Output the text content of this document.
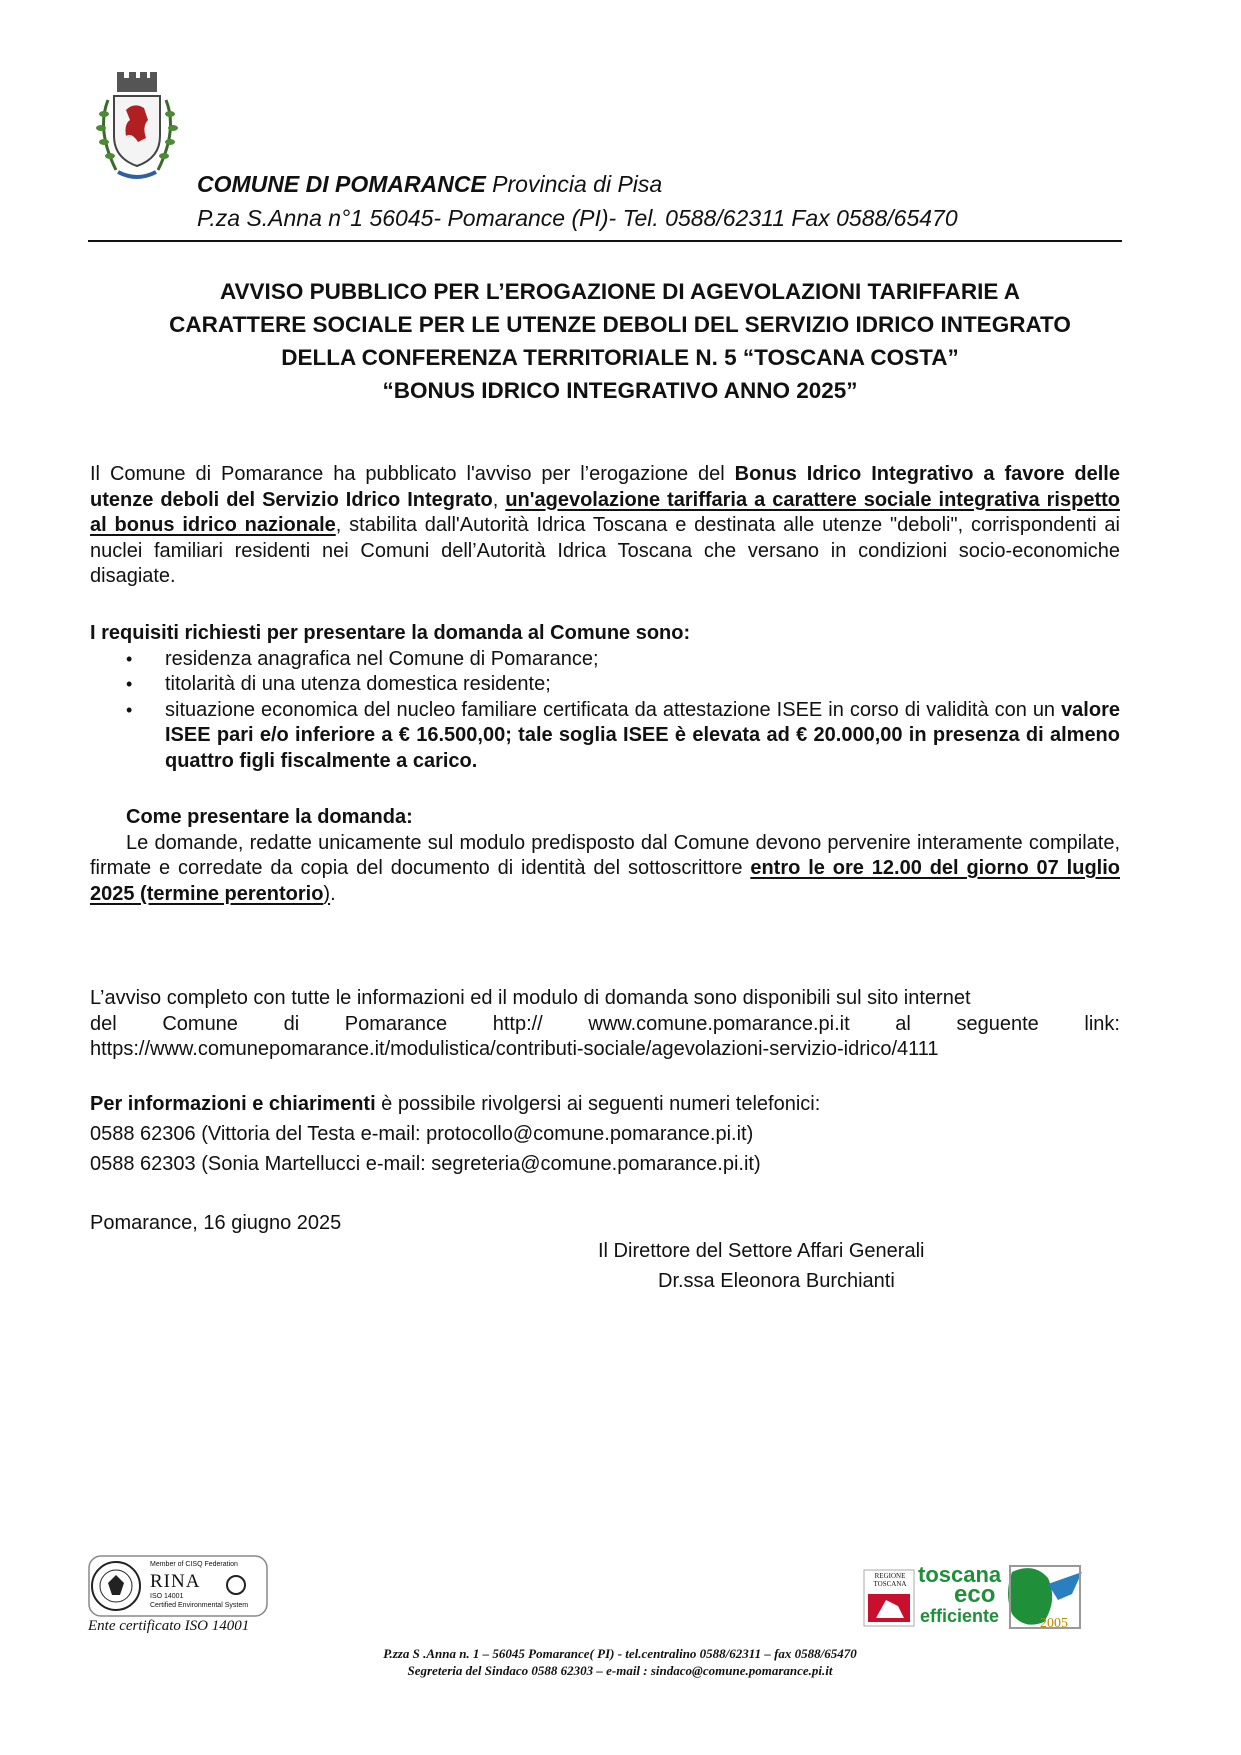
COMUNE DI POMARANCE Provincia di Pisa
P.za S.Anna n°1 56045- Pomarance (PI)- Tel. 0588/62311 Fax 0588/65470
AVVISO PUBBLICO PER L’EROGAZIONE DI AGEVOLAZIONI TARIFFARIE A
CARATTERE SOCIALE PER LE UTENZE DEBOLI DEL SERVIZIO IDRICO INTEGRATO
DELLA CONFERENZA TERRITORIALE N. 5 “TOSCANA COSTA”
“BONUS IDRICO INTEGRATIVO ANNO 2025”
Il Comune di Pomarance ha pubblicato l'avviso per l’erogazione del Bonus Idrico Integrativo a favore delle utenze deboli del Servizio Idrico Integrato, un'agevolazione tariffaria a carattere sociale integrativa rispetto al bonus idrico nazionale, stabilita dall'Autorità Idrica Toscana e destinata alle utenze "deboli", corrispondenti ai nuclei familiari residenti nei Comuni dell’Autorità Idrica Toscana che versano in condizioni socio-economiche disagiate.
I requisiti richiesti per presentare la domanda al Comune sono:
• residenza anagrafica nel Comune di Pomarance;
• titolarità di una utenza domestica residente;
• situazione economica del nucleo familiare certificata da attestazione ISEE in corso di validità con un valore ISEE pari e/o inferiore a € 16.500,00; tale soglia ISEE è elevata ad € 20.000,00 in presenza di almeno quattro figli fiscalmente a carico.
Come presentare la domanda:
Le domande, redatte unicamente sul modulo predisposto dal Comune devono pervenire interamente compilate, firmate e corredate da copia del documento di identità del sottoscrittore entro le ore 12.00 del giorno 07 luglio 2025 (termine perentorio).
L’avviso completo con tutte le informazioni ed il modulo di domanda sono disponibili sul sito internet
del Comune di Pomarance http:// www.comune.pomarance.pi.it al seguente link:
https://www.comunepomarance.it/modulistica/contributi-sociale/agevolazioni-servizio-idrico/4111
Per informazioni e chiarimenti è possibile rivolgersi ai seguenti numeri telefonici:
0588 62306 (Vittoria del Testa e-mail: protocollo@comune.pomarance.pi.it)
0588 62303 (Sonia Martellucci e-mail: segreteria@comune.pomarance.pi.it)
Pomarance, 16 giugno 2025
Il Direttore del Settore Affari Generali
Dr.ssa Eleonora Burchianti
Member of CISQ Federation
RINA
ISO 14001
Certified Environmental System
Ente certificato ISO 14001
REGIONE TOSCANA toscana
eco
efficiente	2005
P.zza S .Anna n. 1 – 56045 Pomarance( PI) - tel.centralino 0588/62311 – fax 0588/65470
Segreteria del Sindaco 0588 62303 – e-mail : sindaco@comune.pomarance.pi.it
